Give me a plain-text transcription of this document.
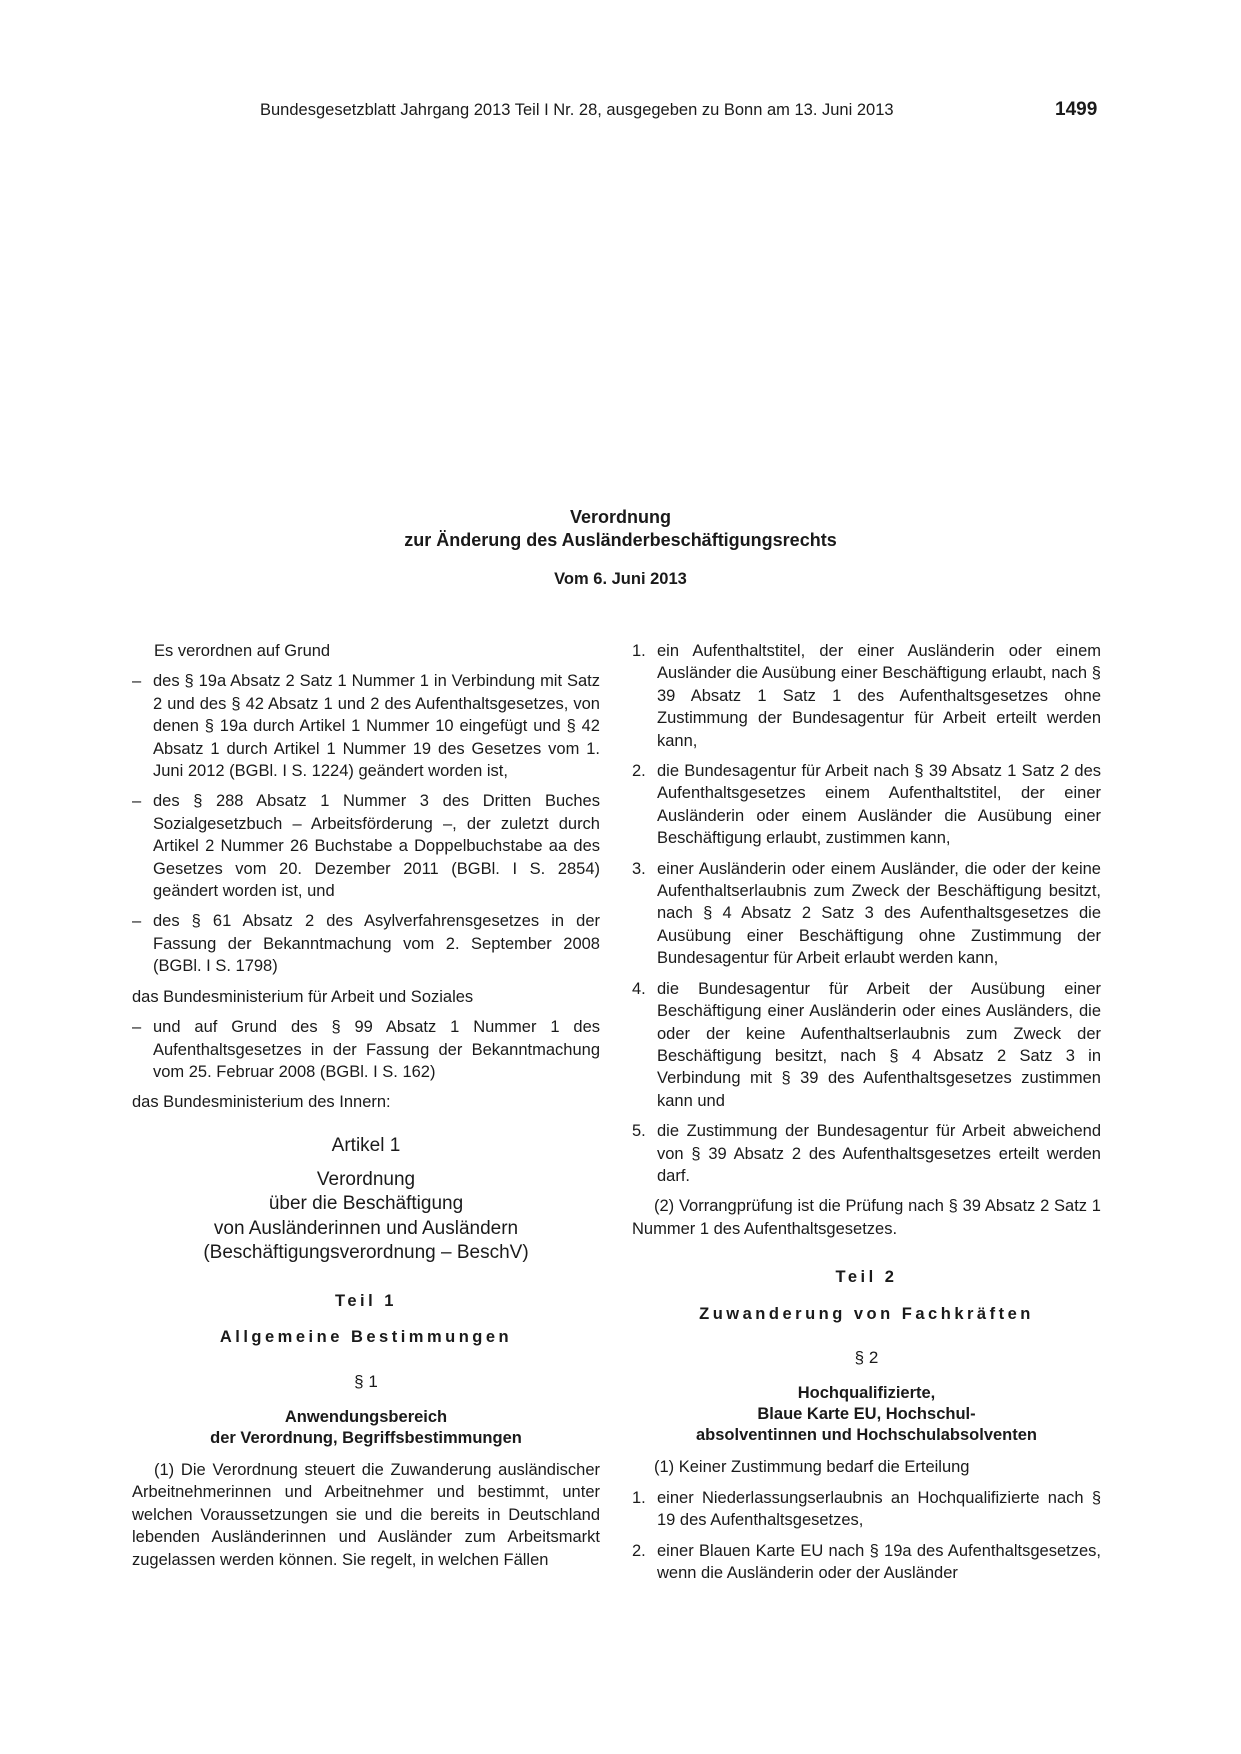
Bundesgesetzblatt Jahrgang 2013 Teil I Nr. 28, ausgegeben zu Bonn am 13. Juni 2013	1499
Verordnung
zur Änderung des Ausländerbeschäftigungsrechts
Vom 6. Juni 2013

Es verordnen auf Grund

– des § 19a Absatz 2 Satz 1 Nummer 1 in Verbindung mit Satz 2 und des § 42 Absatz 1 und 2 des Aufenthaltsgesetzes, von denen § 19a durch Artikel 1 Nummer 10 eingefügt und § 42 Absatz 1 durch Artikel 1 Nummer 19 des Gesetzes vom 1. Juni 2012 (BGBl. I S. 1224) geändert worden ist,
– des § 288 Absatz 1 Nummer 3 des Dritten Buches Sozialgesetzbuch – Arbeitsförderung –, der zuletzt durch Artikel 2 Nummer 26 Buchstabe a Doppelbuchstabe aa des Gesetzes vom 20. Dezember 2011 (BGBl. I S. 2854) geändert worden ist, und
– des § 61 Absatz 2 des Asylverfahrensgesetzes in der Fassung der Bekanntmachung vom 2. September 2008 (BGBl. I S. 1798)

das Bundesministerium für Arbeit und Soziales

– und auf Grund des § 99 Absatz 1 Nummer 1 des Aufenthaltsgesetzes in der Fassung der Bekanntmachung vom 25. Februar 2008 (BGBl. I S. 162)

das Bundesministerium des Innern:

Artikel 1
Verordnung
über die Beschäftigung
von Ausländerinnen und Ausländern
(Beschäftigungsverordnung – BeschV)
Teil 1
Allgemeine Bestimmungen
§ 1
Anwendungsbereich
der Verordnung, Begriffsbestimmungen

(1) Die Verordnung steuert die Zuwanderung ausländischer Arbeitnehmerinnen und Arbeitnehmer und bestimmt, unter welchen Voraussetzungen sie und die bereits in Deutschland lebenden Ausländerinnen und Ausländer zum Arbeitsmarkt zugelassen werden können. Sie regelt, in welchen Fällen

1. ein Aufenthaltstitel, der einer Ausländerin oder einem Ausländer die Ausübung einer Beschäftigung erlaubt, nach § 39 Absatz 1 Satz 1 des Aufenthaltsgesetzes ohne Zustimmung der Bundesagentur für Arbeit erteilt werden kann,
2. die Bundesagentur für Arbeit nach § 39 Absatz 1 Satz 2 des Aufenthaltsgesetzes einem Aufenthaltstitel, der einer Ausländerin oder einem Ausländer die Ausübung einer Beschäftigung erlaubt, zustimmen kann,
3. einer Ausländerin oder einem Ausländer, die oder der keine Aufenthaltserlaubnis zum Zweck der Beschäftigung besitzt, nach § 4 Absatz 2 Satz 3 des Aufenthaltsgesetzes die Ausübung einer Beschäftigung ohne Zustimmung der Bundesagentur für Arbeit erlaubt werden kann,
4. die Bundesagentur für Arbeit der Ausübung einer Beschäftigung einer Ausländerin oder eines Ausländers, die oder der keine Aufenthaltserlaubnis zum Zweck der Beschäftigung besitzt, nach § 4 Absatz 2 Satz 3 in Verbindung mit § 39 des Aufenthaltsgesetzes zustimmen kann und
5. die Zustimmung der Bundesagentur für Arbeit abweichend von § 39 Absatz 2 des Aufenthaltsgesetzes erteilt werden darf.

(2) Vorrangprüfung ist die Prüfung nach § 39 Absatz 2 Satz 1 Nummer 1 des Aufenthaltsgesetzes.

Teil 2
Zuwanderung von Fachkräften
§ 2
Hochqualifizierte,
Blaue Karte EU, Hochschul-
absolventinnen und Hochschulabsolventen

(1) Keiner Zustimmung bedarf die Erteilung

1. einer Niederlassungserlaubnis an Hochqualifizierte nach § 19 des Aufenthaltsgesetzes,
2. einer Blauen Karte EU nach § 19a des Aufenthaltsgesetzes, wenn die Ausländerin oder der Ausländer
